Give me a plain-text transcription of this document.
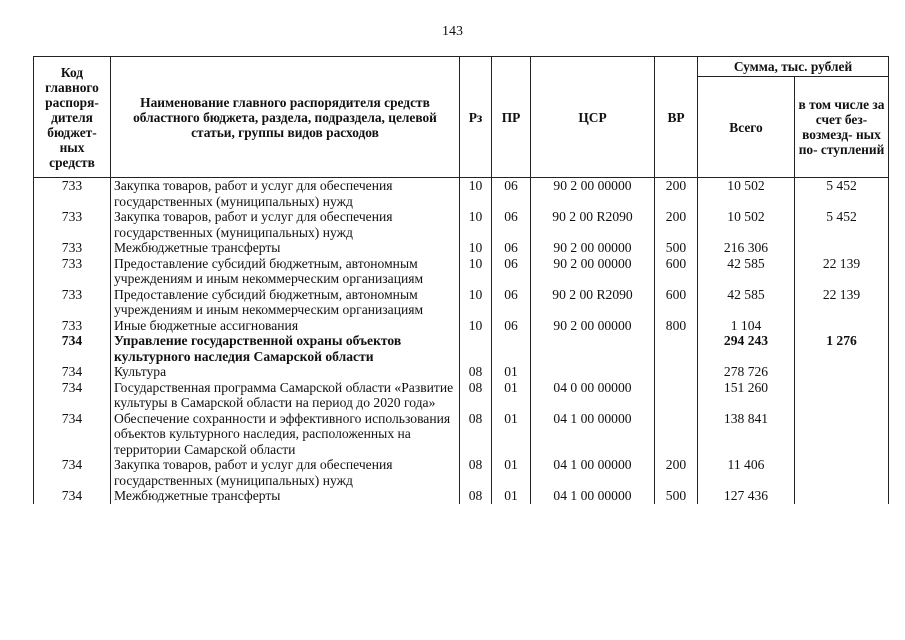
143
Код главного распоря- дителя бюджет- ных средств	Наименование главного распорядителя средств областного бюджета, раздела, подраздела, целевой статьи, группы видов расходов	Рз	ПР	ЦСР	ВР	Сумма, тыс. рублей	
						Всего	в том числе за счет без- возмезд- ных по- ступлений
733	Закупка товаров, работ и услуг для обеспечения государственных (муниципальных) нужд	10	06	90 2 00 00000	200	10 502	5 452
733	Закупка товаров, работ и услуг для обеспечения государственных (муниципальных) нужд	10	06	90 2 00 R2090	200	10 502	5 452
733	Межбюджетные трансферты	10	06	90 2 00 00000	500	216 306	
733	Предоставление субсидий бюджетным, автономным учреждениям и иным некоммерческим организациям	10	06	90 2 00 00000	600	42 585	22 139
733	Предоставление субсидий бюджетным, автономным учреждениям и иным некоммерческим организациям	10	06	90 2 00 R2090	600	42 585	22 139
733	Иные бюджетные ассигнования	10	06	90 2 00 00000	800	1 104	
734	Управление государственной охраны объектов культурного наследия Самарской области					294 243	1 276
734	Культура	08	01			278 726	
734	Государственная программа Самарской области «Развитие культуры в Самарской области на период до 2020 года»	08	01	04 0 00 00000		151 260	
734	Обеспечение сохранности и эффективного использования объектов культурного наследия, расположенных на территории Самарской области	08	01	04 1 00 00000		138 841	
734	Закупка товаров, работ и услуг для обеспечения государственных (муниципальных) нужд	08	01	04 1 00 00000	200	11 406	
734	Межбюджетные трансферты	08	01	04 1 00 00000	500	127 436	
